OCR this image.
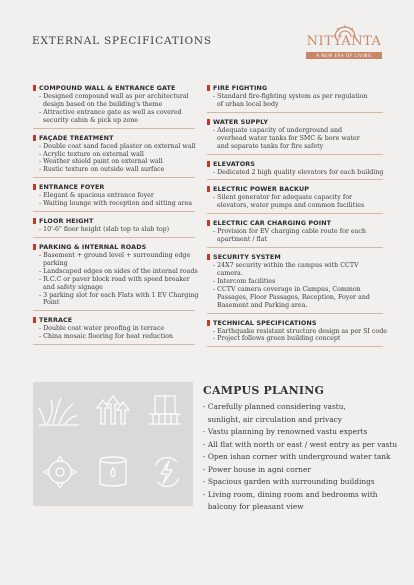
EXTERNAL SPECIFICATIONS	NITYANTA
A NEW ERA OF LIVING
COMPOUND WALL & ENTRANCE GATE
- Designed compound wall as per architectural
design based on the building's theme
- Attractive entrance gate as well as covered
security cabin & pick up zone
FAÇADE TREATMENT
- Double coat sand faced plaster on external wall
- Acrylic texture on external wall
- Weather shield paint on external wall
- Rustic texture on outside wall surface
ENTRANCE FOYER
- Elegant & spacious entrance foyer
- Waiting lounge with reception and sitting area
FLOOR HEIGHT
- 10'-6" floor height (slab top to slab top)
PARKING & INTERNAL ROADS
- Basement + ground level + surrounding edge
parking
- Landscaped edges on sides of the internal roads
- R.C.C or paver block road with speed breaker
and safety signage
- 3 parking slot for each Flats with 1 EV Charging
Point
TERRACE
- Double coat water proofing in terrace
- China mosaic flooring for heat reduction
FIRE FIGHTING
- Standard fire-fighting system as per regulation
of urban local body
WATER SUPPLY
- Adequate capacity of underground and
overhead water tanks for SMC & bore water
and separate tanks for fire safety
ELEVATORS
- Dedicated 2 high quality elevators for each building
ELECTRIC POWER BACKUP
- Silent generator for adequate capacity for
elevators, water pumps and common facilities
ELECTRIC CAR CHARGING POINT
- Provision for EV charging cable route for each
apartment / flat
SECURITY SYSTEM
- 24X7 security within the campus with CCTV
camera.
- Intercom facilities
- CCTV camera coverage in Campus, Common
Passages, Floor Passages, Reception, Foyer and
Basement and Parking area.
TECHNICAL SPECIFICATIONS
- Earthquake resistant structure design as per SI code
- Project follows green building concept
CAMPUS PLANING
- Carefully planned considering vastu,
sunlight, air circulation and privacy
- Vastu planning by renowned vastu experts
- All flat with north or east / west entry as per vastu
- Open ishan corner with underground water tank
- Power house in agni corner
- Spacious garden with surrounding buildings
- Living room, dining room and bedrooms with
balcony for pleasant view
